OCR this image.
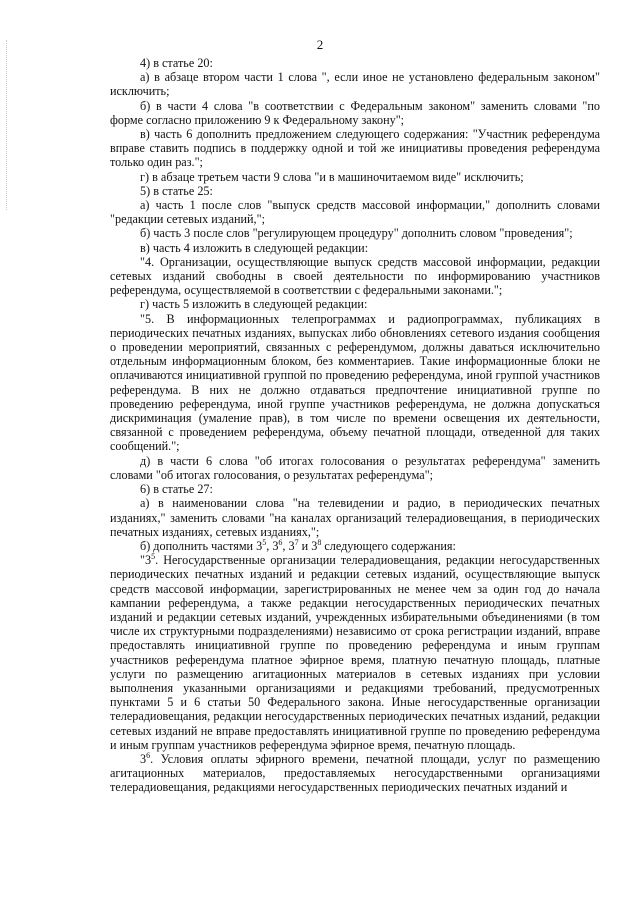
2

4) в статье 20:

а) в абзаце втором части 1 слова ", если иное не установлено федеральным законом" исключить;

б) в части 4 слова "в соответствии с Федеральным законом" заменить словами "по форме согласно приложению 9 к Федеральному закону";

в) часть 6 дополнить предложением следующего содержания: "Участник референдума вправе ставить подпись в поддержку одной и той же инициативы проведения референдума только один раз.";

г) в абзаце третьем части 9 слова "и в машиночитаемом виде" исключить;

5) в статье 25:

а) часть 1 после слов "выпуск средств массовой информации," дополнить словами "редакции сетевых изданий,";

б) часть 3 после слов "регулирующем процедуру" дополнить словом "проведения";

в) часть 4 изложить в следующей редакции:

"4. Организации, осуществляющие выпуск средств массовой информации, редакции сетевых изданий свободны в своей деятельности по информированию участников референдума, осуществляемой в соответствии с федеральными законами.";

г) часть 5 изложить в следующей редакции:

"5. В информационных телепрограммах и радиопрограммах, публикациях в периодических печатных изданиях, выпусках либо обновлениях сетевого издания сообщения о проведении мероприятий, связанных с референдумом, должны даваться исключительно отдельным информационным блоком, без комментариев. Такие информационные блоки не оплачиваются инициативной группой по проведению референдума, иной группой участников референдума. В них не должно отдаваться предпочтение инициативной группе по проведению референдума, иной группе участников референдума, не должна допускаться дискриминация (умаление прав), в том числе по времени освещения их деятельности, связанной с проведением референдума, объему печатной площади, отведенной для таких сообщений.";

д) в части 6 слова "об итогах голосования о результатах референдума" заменить словами "об итогах голосования, о результатах референдума";

6) в статье 27:

а) в наименовании слова "на телевидении и радио, в периодических печатных изданиях," заменить словами "на каналах организаций телерадиовещания, в периодических печатных изданиях, сетевых изданиях,";

б) дополнить частями $3^5$, $3^6$, $3^7$ и $3^8$ следующего содержания:

"$3^5$. Негосударственные организации телерадиовещания, редакции негосударственных периодических печатных изданий и редакции сетевых изданий, осуществляющие выпуск средств массовой информации, зарегистрированных не менее чем за один год до начала кампании референдума, а также редакции негосударственных периодических печатных изданий и редакции сетевых изданий, учрежденных избирательными объединениями (в том числе их структурными подразделениями) независимо от срока регистрации изданий, вправе предоставлять инициативной группе по проведению референдума и иным группам участников референдума платное эфирное время, платную печатную площадь, платные услуги по размещению агитационных материалов в сетевых изданиях при условии выполнения указанными организациями и редакциями требований, предусмотренных пунктами 5 и 6 статьи 50 Федерального закона. Иные негосударственные организации телерадиовещания, редакции негосударственных периодических печатных изданий, редакции сетевых изданий не вправе предоставлять инициативной группе по проведению референдума и иным группам участников референдума эфирное время, печатную площадь.

$3^6$. Условия оплаты эфирного времени, печатной площади, услуг по размещению агитационных материалов, предоставляемых негосударственными организациями телерадиовещания, редакциями негосударственных периодических печатных изданий и
